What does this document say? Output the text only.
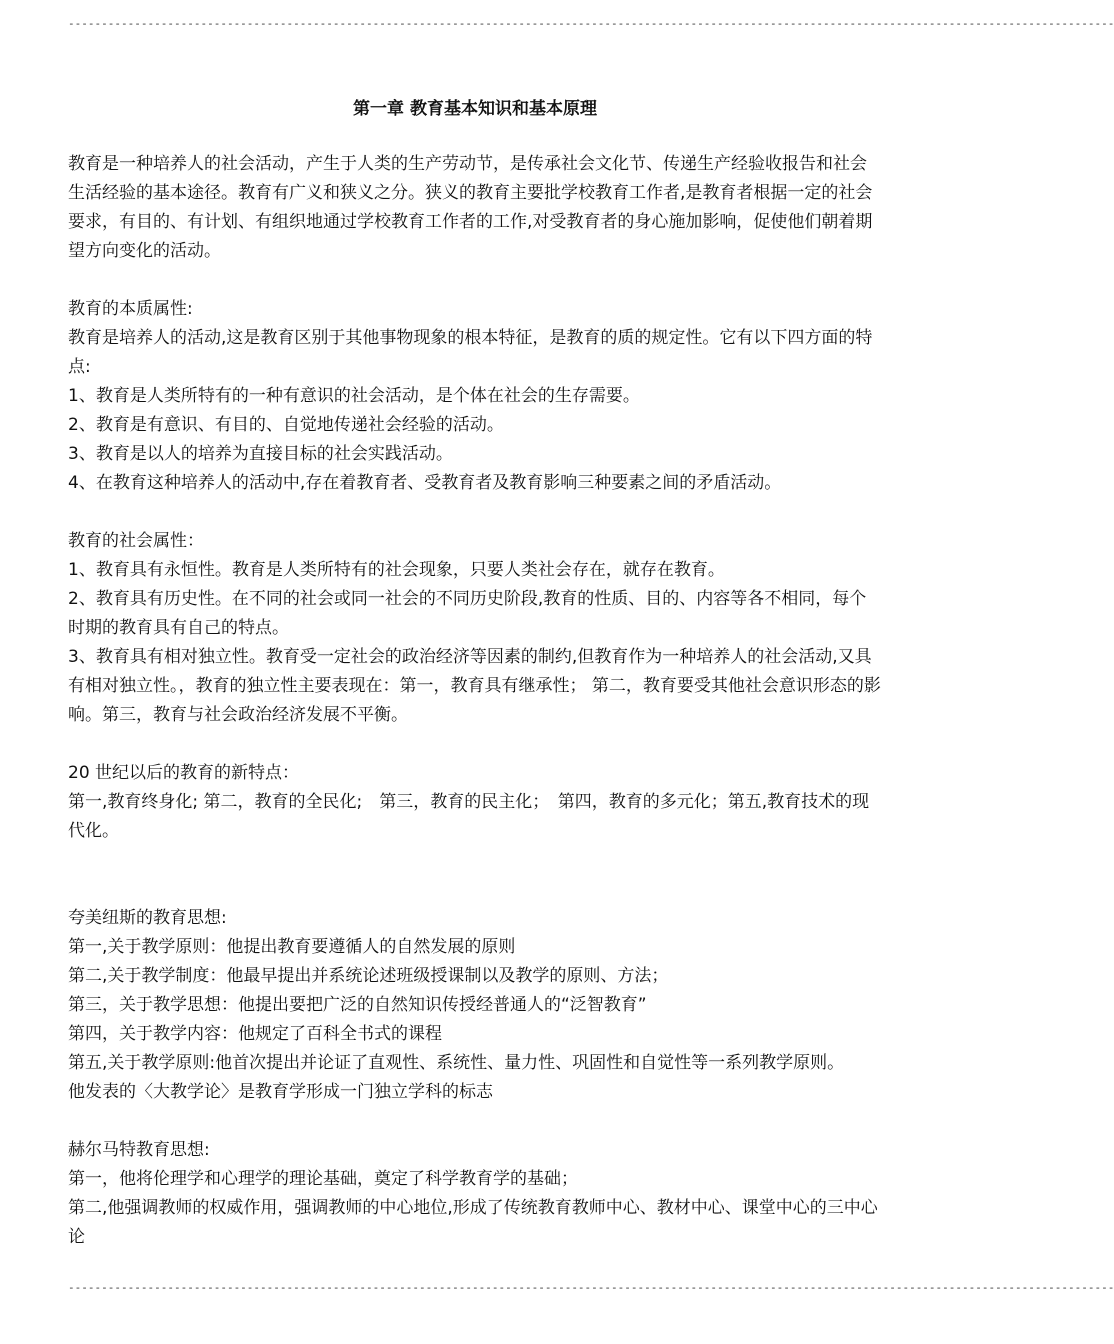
--------------------------------------------------------------------------------------------------------------------------------------------------------------
第一章 教育基本知识和基本原理

教育是一种培养人的社会活动，产生于人类的生产劳动节，是传承社会文化节、传递生产经验收报告和社会生活经验的基本途径。教育有广义和狭义之分。狭义的教育主要批学校教育工作者,是教育者根据一定的社会要求，有目的、有计划、有组织地通过学校教育工作者的工作,对受教育者的身心施加影响，促使他们朝着期望方向变化的活动。

教育的本质属性:

教育是培养人的活动,这是教育区别于其他事物现象的根本特征，是教育的质的规定性。它有以下四方面的特点:

1、教育是人类所特有的一种有意识的社会活动，是个体在社会的生存需要。

2、教育是有意识、有目的、自觉地传递社会经验的活动。

3、教育是以人的培养为直接目标的社会实践活动。

4、在教育这种培养人的活动中,存在着教育者、受教育者及教育影响三种要素之间的矛盾活动。

教育的社会属性：

1、教育具有永恒性。教育是人类所特有的社会现象，只要人类社会存在，就存在教育。

2、教育具有历史性。在不同的社会或同一社会的不同历史阶段,教育的性质、目的、内容等各不相同，每个时期的教育具有自己的特点。

3、教育具有相对独立性。教育受一定社会的政治经济等因素的制约,但教育作为一种培养人的社会活动,又具有相对独立性。，教育的独立性主要表现在：第一，教育具有继承性； 第二，教育要受其他社会意识形态的影响。第三，教育与社会政治经济发展不平衡。

20 世纪以后的教育的新特点：

第一,教育终身化; 第二，教育的全民化;　第三，教育的民主化；　第四，教育的多元化；第五,教育技术的现代化。

夸美纽斯的教育思想:

第一,关于教学原则：他提出教育要遵循人的自然发展的原则

第二,关于教学制度：他最早提出并系统论述班级授课制以及教学的原则、方法；

第三，关于教学思想：他提出要把广泛的自然知识传授经普通人的“泛智教育”

第四，关于教学内容：他规定了百科全书式的课程

第五,关于教学原则:他首次提出并论证了直观性、系统性、量力性、巩固性和自觉性等一系列教学原则。

他发表的〈大教学论〉是教育学形成一门独立学科的标志

赫尔马特教育思想:

第一，他将伦理学和心理学的理论基础，奠定了科学教育学的基础；

第二,他强调教师的权威作用，强调教师的中心地位,形成了传统教育教师中心、教材中心、课堂中心的三中心论

--------------------------------------------------------------------------------------------------------------------------------------------------------------
